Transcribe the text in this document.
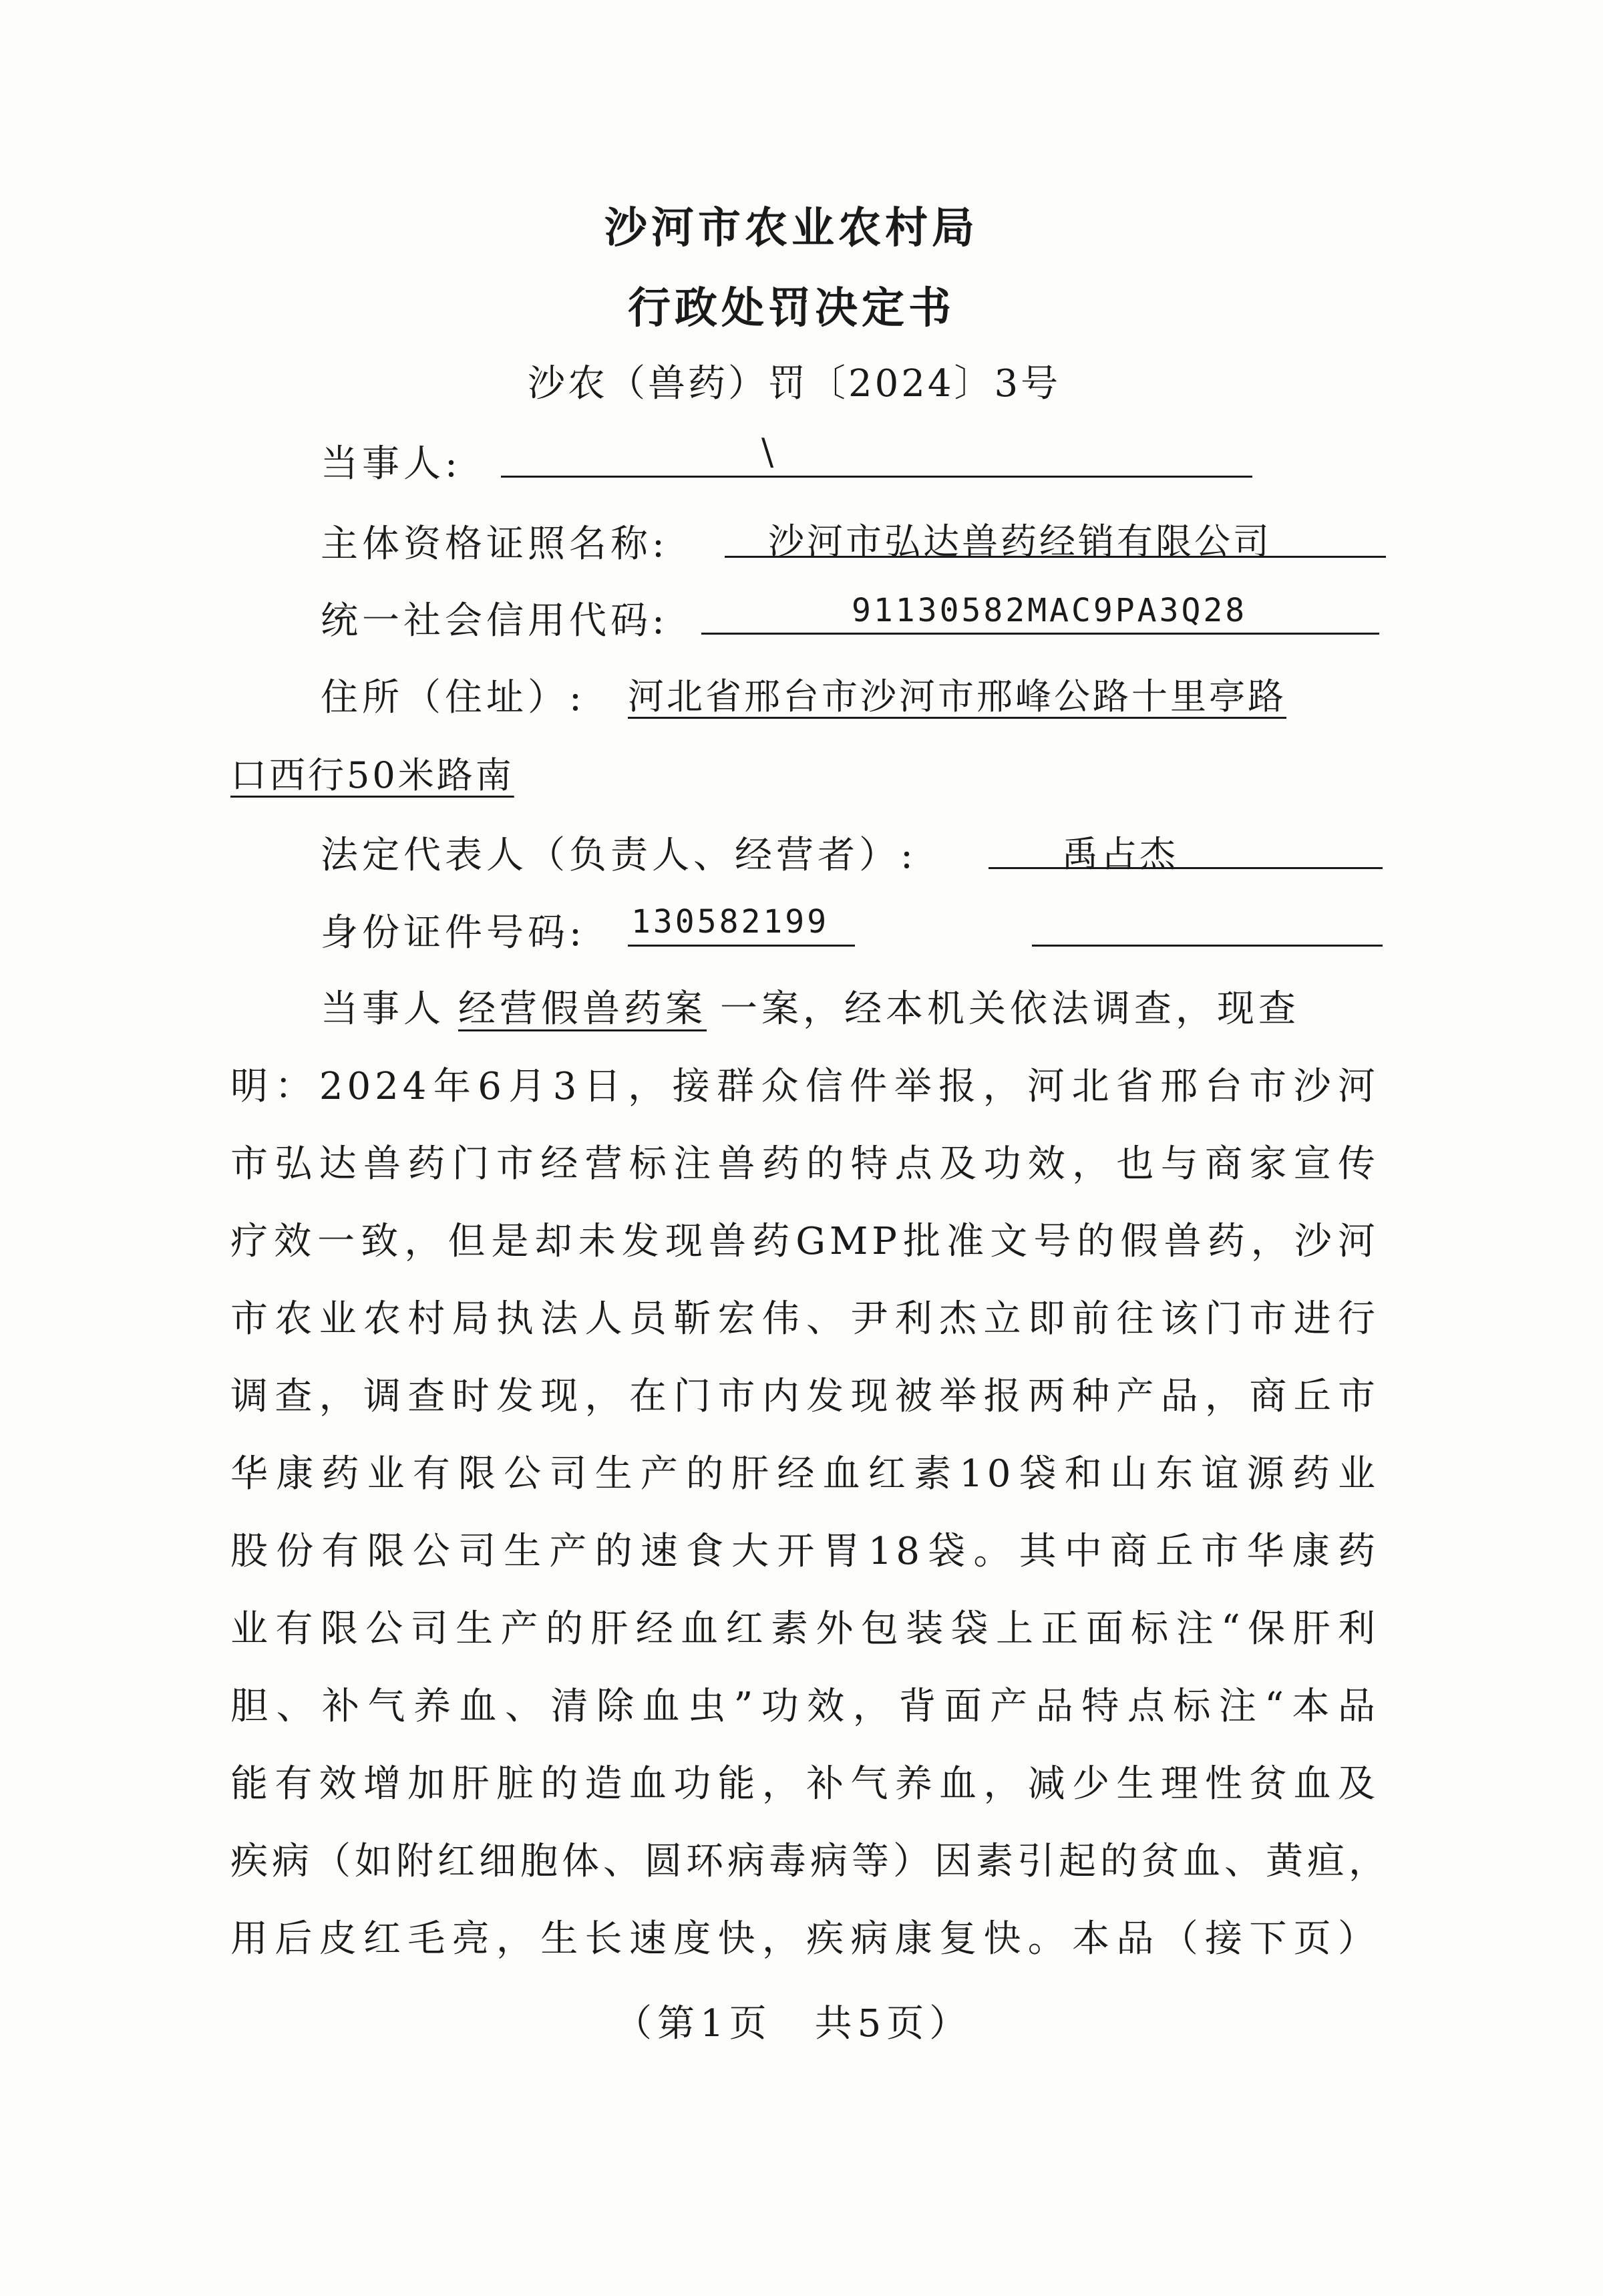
沙河市农业农村局
行政处罚决定书
沙农（兽药）罚〔2024〕3号
当事人:	\
主体资格证照名称:	沙河市弘达兽药经销有限公司
统一社会信用代码:	91130582MAC9PA3Q28
住所（住址）: 河北省邢台市沙河市邢峰公路十里亭路
口西行50米路南
法定代表人（负责人、经营者）:	禹占杰
身份证件号码: 130582199
当事人 经营假兽药案 一案，经本机关依法调查，现查
明：2024年6月3日，接群众信件举报，河北省邢台市沙河
市弘达兽药门市经营标注兽药的特点及功效，也与商家宣传
疗效一致，但是却未发现兽药GMP批准文号的假兽药，沙河
市农业农村局执法人员靳宏伟、尹利杰立即前往该门市进行
调查，调查时发现，在门市内发现被举报两种产品，商丘市
华康药业有限公司生产的肝经血红素10袋和山东谊源药业
股份有限公司生产的速食大开胃18袋。其中商丘市华康药
业有限公司生产的肝经血红素外包装袋上正面标注“保肝利
胆、补气养血、清除血虫”功效，背面产品特点标注“本品
能有效增加肝脏的造血功能，补气养血，减少生理性贫血及
疾病（如附红细胞体、圆环病毒病等）因素引起的贫血、黄疸，
用后皮红毛亮，生长速度快，疾病康复快。本品（接下页）
（第1页　共5页）
